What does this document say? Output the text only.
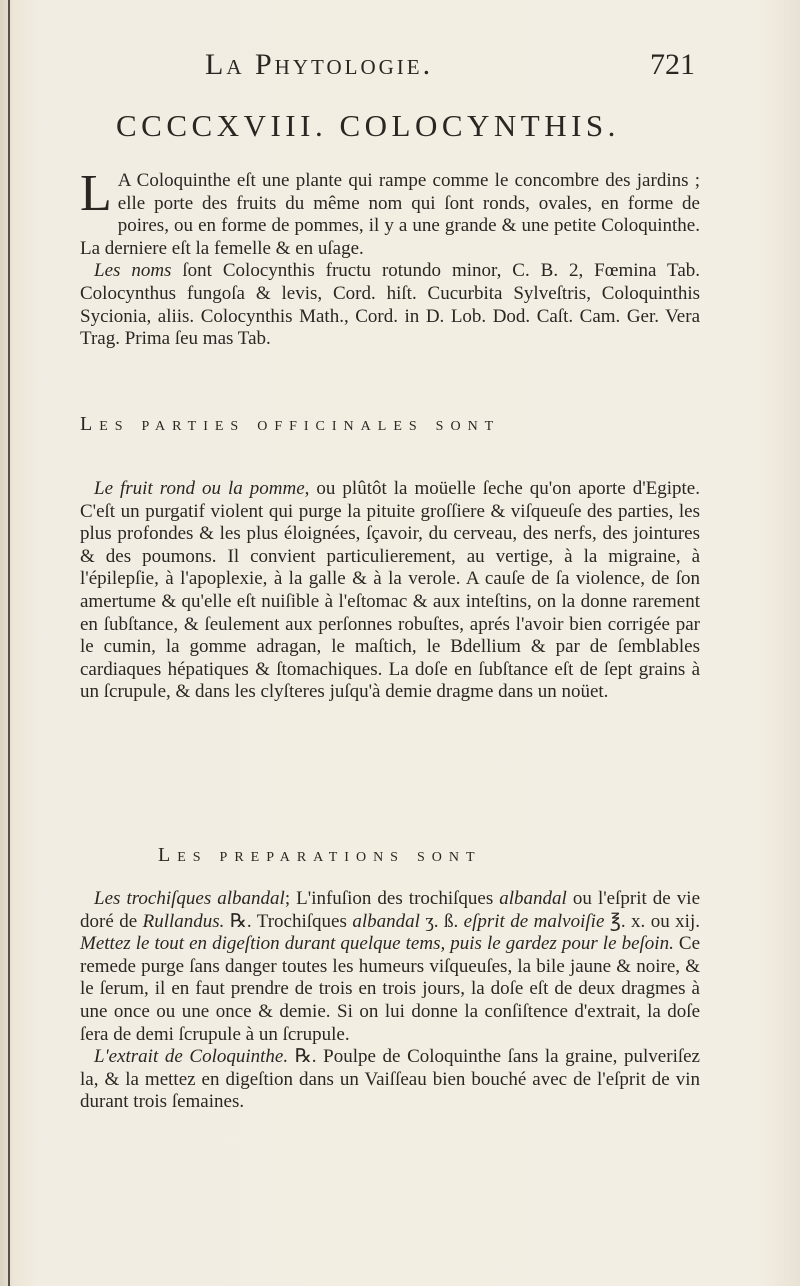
La Phytologie.	721
CCCCXVIII. COLOCYNTHIS.

L A Coloquinthe eſt une plante qui rampe comme le concombre des jardins ; elle porte des fruits du même nom qui ſont ronds, ovales, en forme de poires, ou en forme de pommes, il y a une grande & une petite Coloquinthe. La derniere eſt la femelle & en uſage.

Les noms ſont Colocynthis fructu rotundo minor, C. B. 2, Fœmina Tab. Colocynthus fungoſa & levis, Cord. hiſt. Cucurbita Sylveſtris, Coloquinthis Sycionia, aliis. Colocynthis Math., Cord. in D. Lob. Dod. Caſt. Cam. Ger. Vera Trag. Prima ſeu mas Tab.

Les parties officinales sont

Le fruit rond ou la pomme, ou plûtôt la moüelle ſeche qu'on aporte d'Egipte. C'eſt un purgatif violent qui purge la pituite groſſiere & viſqueuſe des parties, les plus profondes & les plus éloignées, ſçavoir, du cerveau, des nerfs, des jointures & des poumons. Il convient particulierement, au vertige, à la migraine, à l'épilepſie, à l'apoplexie, à la galle & à la verole. A cauſe de ſa violence, de ſon amertume & qu'elle eſt nuiſible à l'eſtomac & aux inteſtins, on la donne rarement en ſubſtance, & ſeulement aux perſonnes robuſtes, aprés l'avoir bien corrigée par le cumin, la gomme adragan, le maſtich, le Bdellium & par de ſemblables cardiaques hépatiques & ſtomachiques. La doſe en ſubſtance eſt de ſept grains à un ſcrupule, & dans les clyſteres juſqu'à demie dragme dans un noüet.

Les preparations sont

Les trochiſques albandal; L'infuſion des trochiſques albandal ou l'eſprit de vie doré de Rullandus. ℞. Trochiſques albandal ʒ. ß. eſprit de malvoiſie ℥. x. ou xij. Mettez le tout en digeſtion durant quelque tems, puis le gardez pour le beſoin. Ce remede purge ſans danger toutes les humeurs viſqueuſes, la bile jaune & noire, & le ſerum, il en faut prendre de trois en trois jours, la doſe eſt de deux dragmes à une once ou une once & demie. Si on lui donne la conſiſtence d'extrait, la doſe ſera de demi ſcrupule à un ſcrupule.

L'extrait de Coloquinthe. ℞. Poulpe de Coloquinthe ſans la graine, pulveriſez la, & la mettez en digeſtion dans un Vaiſſeau bien bouché avec de l'eſprit de vin durant trois ſemaines.
